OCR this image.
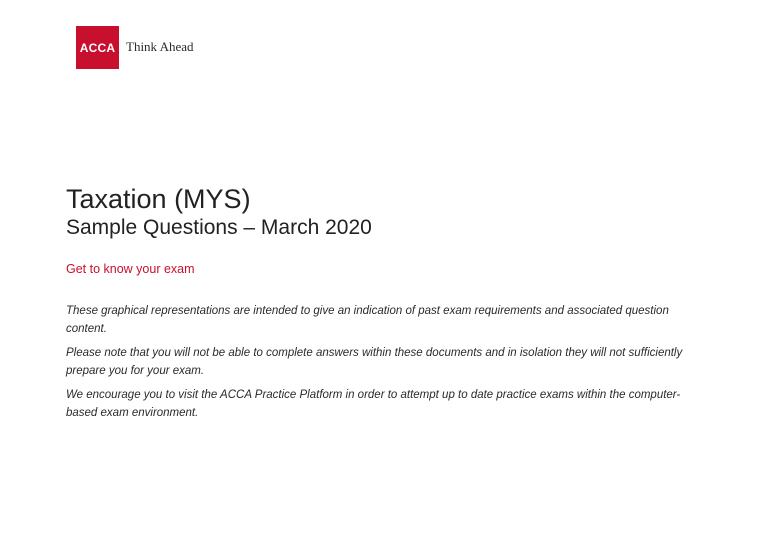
ACCA Think Ahead
Taxation (MYS)
Sample Questions – March 2020
Get to know your exam

These graphical representations are intended to give an indication of past exam requirements and associated question content.

Please note that you will not be able to complete answers within these documents and in isolation they will not sufficiently prepare you for your exam.

We encourage you to visit the ACCA Practice Platform in order to attempt up to date practice exams within the computer-based exam environment.
